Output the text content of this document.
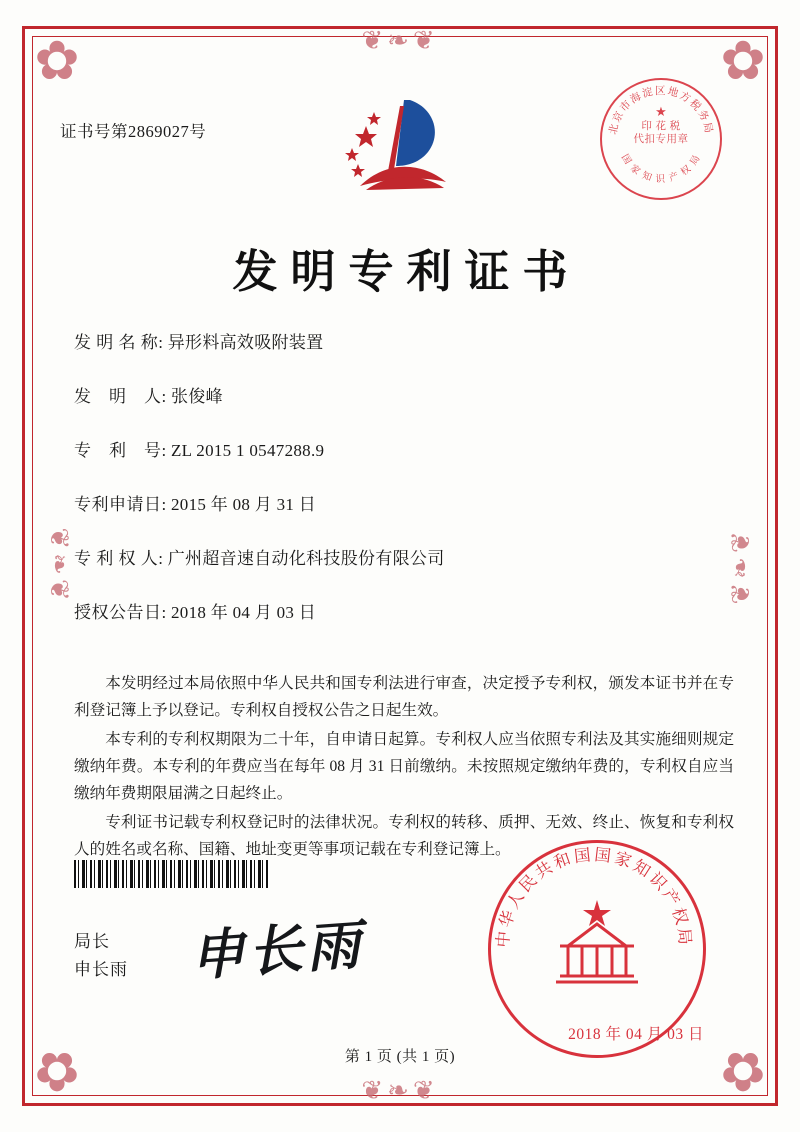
✿	✿
✿	✿
❦❧❦
❦❧❦
❦❧❦	❦❧❦
证书号第2869027号	北京市海淀区地方税务局
国 家 知 识 产 权 局
★
印 花 税
代扣专用章
发明专利证书
发 明 名 称: 异形料高效吸附装置
发　明　人: 张俊峰
专　利　号: ZL 2015 1 0547288.9
专利申请日: 2015 年 08 月 31 日
专 利 权 人: 广州超音速自动化科技股份有限公司
授权公告日: 2018 年 04 月 03 日

本发明经过本局依照中华人民共和国专利法进行审查，决定授予专利权，颁发本证书并在专利登记簿上予以登记。专利权自授权公告之日起生效。

本专利的专利权期限为二十年，自申请日起算。专利权人应当依照专利法及其实施细则规定缴纳年费。本专利的年费应当在每年 08 月 31 日前缴纳。未按照规定缴纳年费的，专利权自应当缴纳年费期限届满之日起终止。

专利证书记载专利权登记时的法律状况。专利权的转移、质押、无效、终止、恢复和专利权人的姓名或名称、国籍、地址变更等事项记载在专利登记簿上。

局长
申长雨 申长雨	中华人民共和国国家知识产权局
2018 年 04 月 03 日
第 1 页 (共 1 页)
